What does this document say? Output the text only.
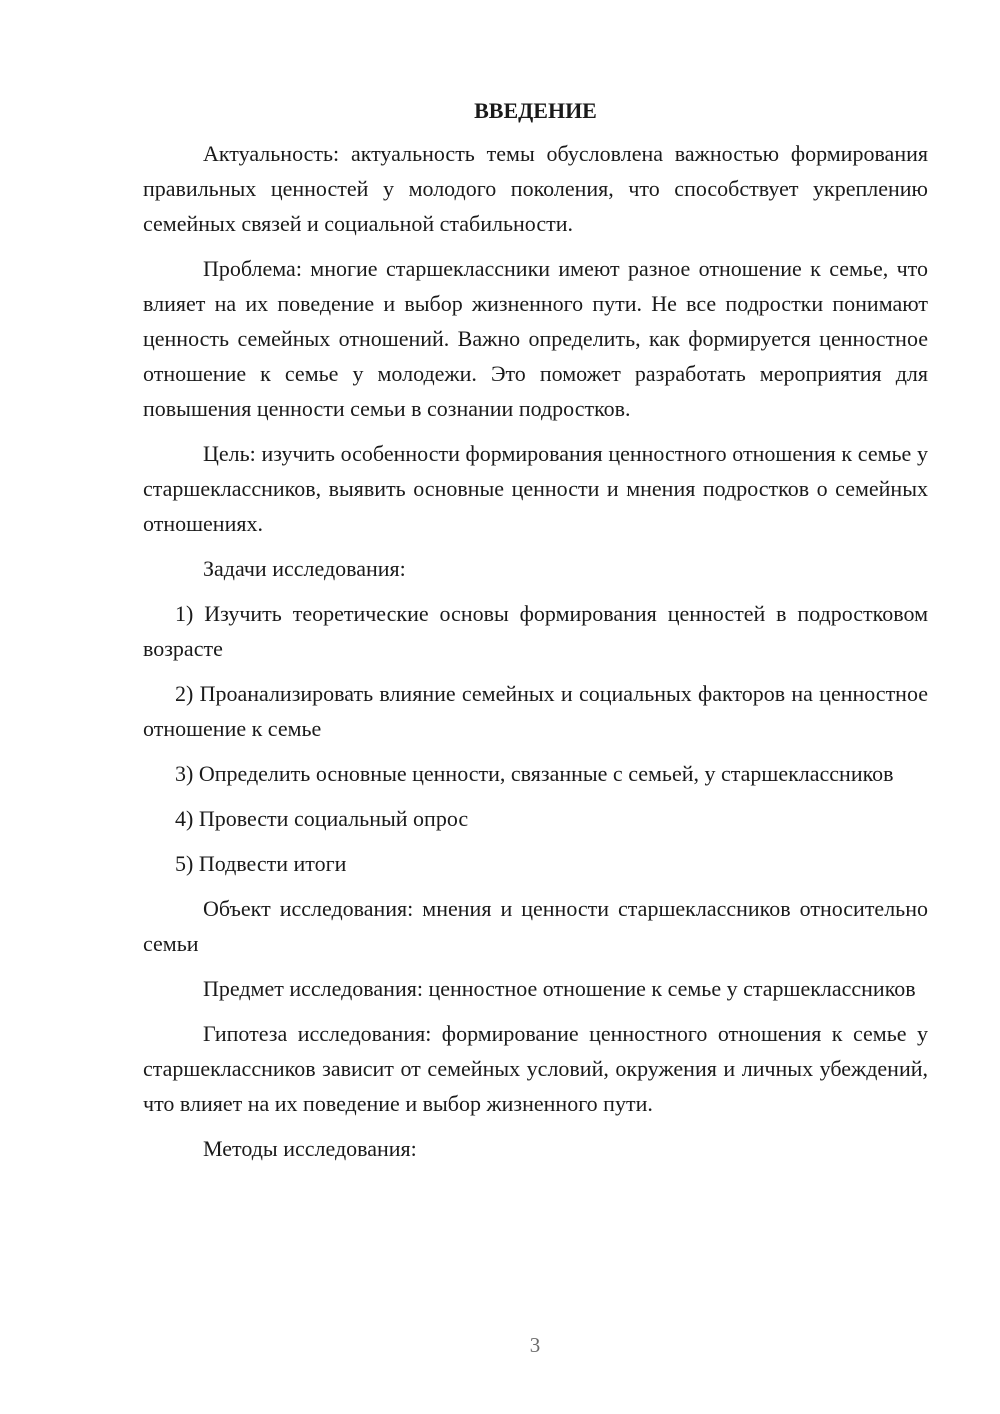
ВВЕДЕНИЕ

Актуальность: актуальность темы обусловлена важностью формирования правильных ценностей у молодого поколения, что способствует укреплению семейных связей и социальной стабильности.

Проблема: многие старшеклассники имеют разное отношение к семье, что влияет на их поведение и выбор жизненного пути. Не все подростки понимают ценность семейных отношений. Важно определить, как формируется ценностное отношение к семье у молодежи. Это поможет разработать мероприятия для повышения ценности семьи в сознании подростков.

Цель: изучить особенности формирования ценностного отношения к семье у старшеклассников, выявить основные ценности и мнения подростков о семейных отношениях.

Задачи исследования:

1) Изучить теоретические основы формирования ценностей в подростковом возрасте

2) Проанализировать влияние семейных и социальных факторов на ценностное отношение к семье

3) Определить основные ценности, связанные с семьей, у старшеклассников

4) Провести социальный опрос

5) Подвести итоги

Объект исследования: мнения и ценности старшеклассников относительно семьи

Предмет исследования: ценностное отношение к семье у старшеклассников

Гипотеза исследования: формирование ценностного отношения к семье у старшеклассников зависит от семейных условий, окружения и личных убеждений, что влияет на их поведение и выбор жизненного пути.

Методы исследования:

3
